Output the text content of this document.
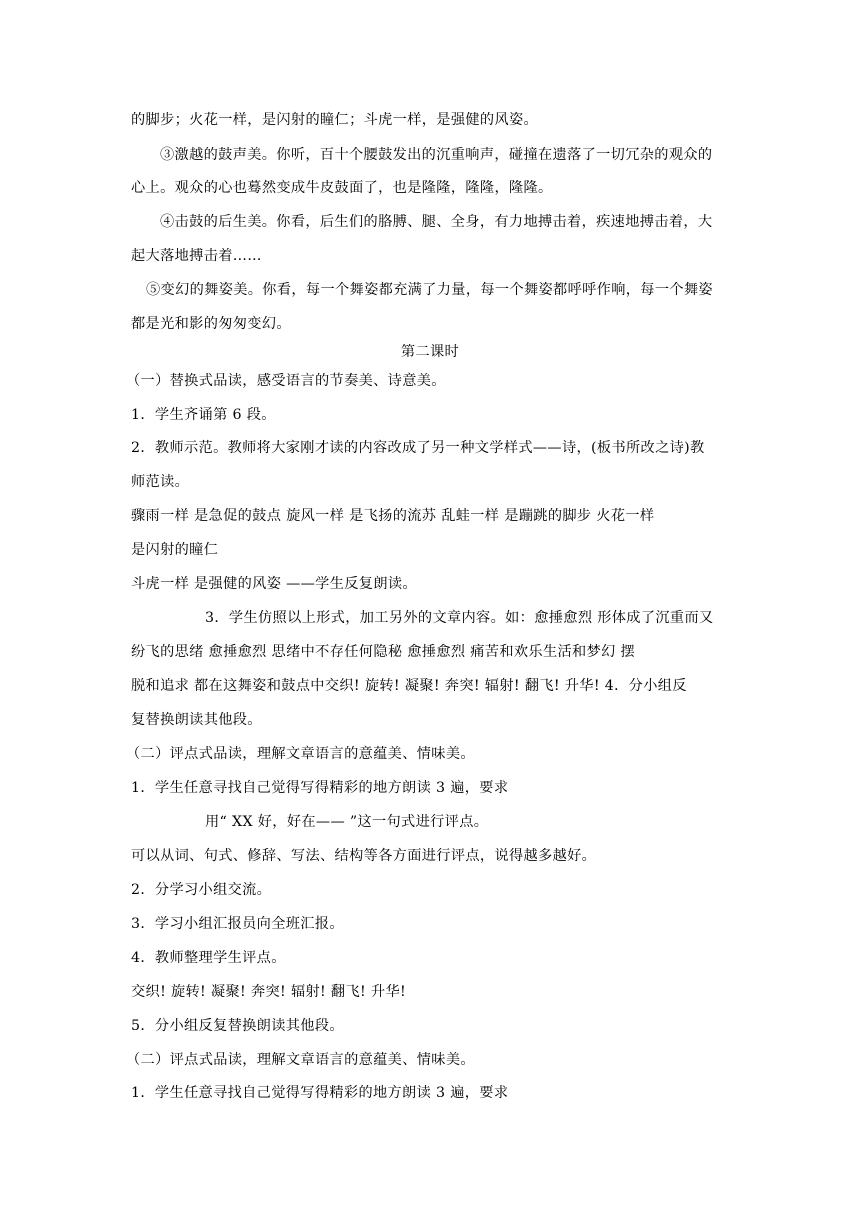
的脚步；火花一样，是闪射的瞳仁；斗虎一样，是强健的风姿。
③激越的鼓声美。你听，百十个腰鼓发出的沉重响声，碰撞在遗落了一切冗杂的观众的
心上。观众的心也蓦然变成牛皮鼓面了，也是隆隆，隆隆，隆隆。
④击鼓的后生美。你看，后生们的胳膊、腿、全身，有力地搏击着，疾速地搏击着，大
起大落地搏击着……
⑤变幻的舞姿美。你看，每一个舞姿都充满了力量，每一个舞姿都呼呼作响，每一个舞姿
都是光和影的匆匆变幻。
第二课时
（一）替换式品读，感受语言的节奏美、诗意美。
1．学生齐诵第 6 段。
2．教师示范。教师将大家刚才读的内容改成了另一种文学样式——诗，(板书所改之诗)教
师范读。
骤雨一样 是急促的鼓点 旋风一样 是飞扬的流苏 乱蛙一样 是蹦跳的脚步 火花一样
是闪射的瞳仁
斗虎一样 是强健的风姿 ——学生反复朗读。
3．学生仿照以上形式，加工另外的文章内容。如：愈捶愈烈 形体成了沉重而又
纷飞的思绪 愈捶愈烈 思绪中不存任何隐秘 愈捶愈烈 痛苦和欢乐生活和梦幻 摆
脱和追求 都在这舞姿和鼓点中交织! 旋转! 凝聚! 奔突! 辐射! 翻飞! 升华! 4．分小组反
复替换朗读其他段。
（二）评点式品读，理解文章语言的意蕴美、情味美。
1．学生任意寻找自己觉得写得精彩的地方朗读 3 遍，要求
用“ XX 好，好在—— ”这一句式进行评点。
可以从词、句式、修辞、写法、结构等各方面进行评点，说得越多越好。
2．分学习小组交流。
3．学习小组汇报员向全班汇报。
4．教师整理学生评点。
交织! 旋转! 凝聚! 奔突! 辐射! 翻飞! 升华!
5．分小组反复替换朗读其他段。
（二）评点式品读，理解文章语言的意蕴美、情味美。
1．学生任意寻找自己觉得写得精彩的地方朗读 3 遍，要求
